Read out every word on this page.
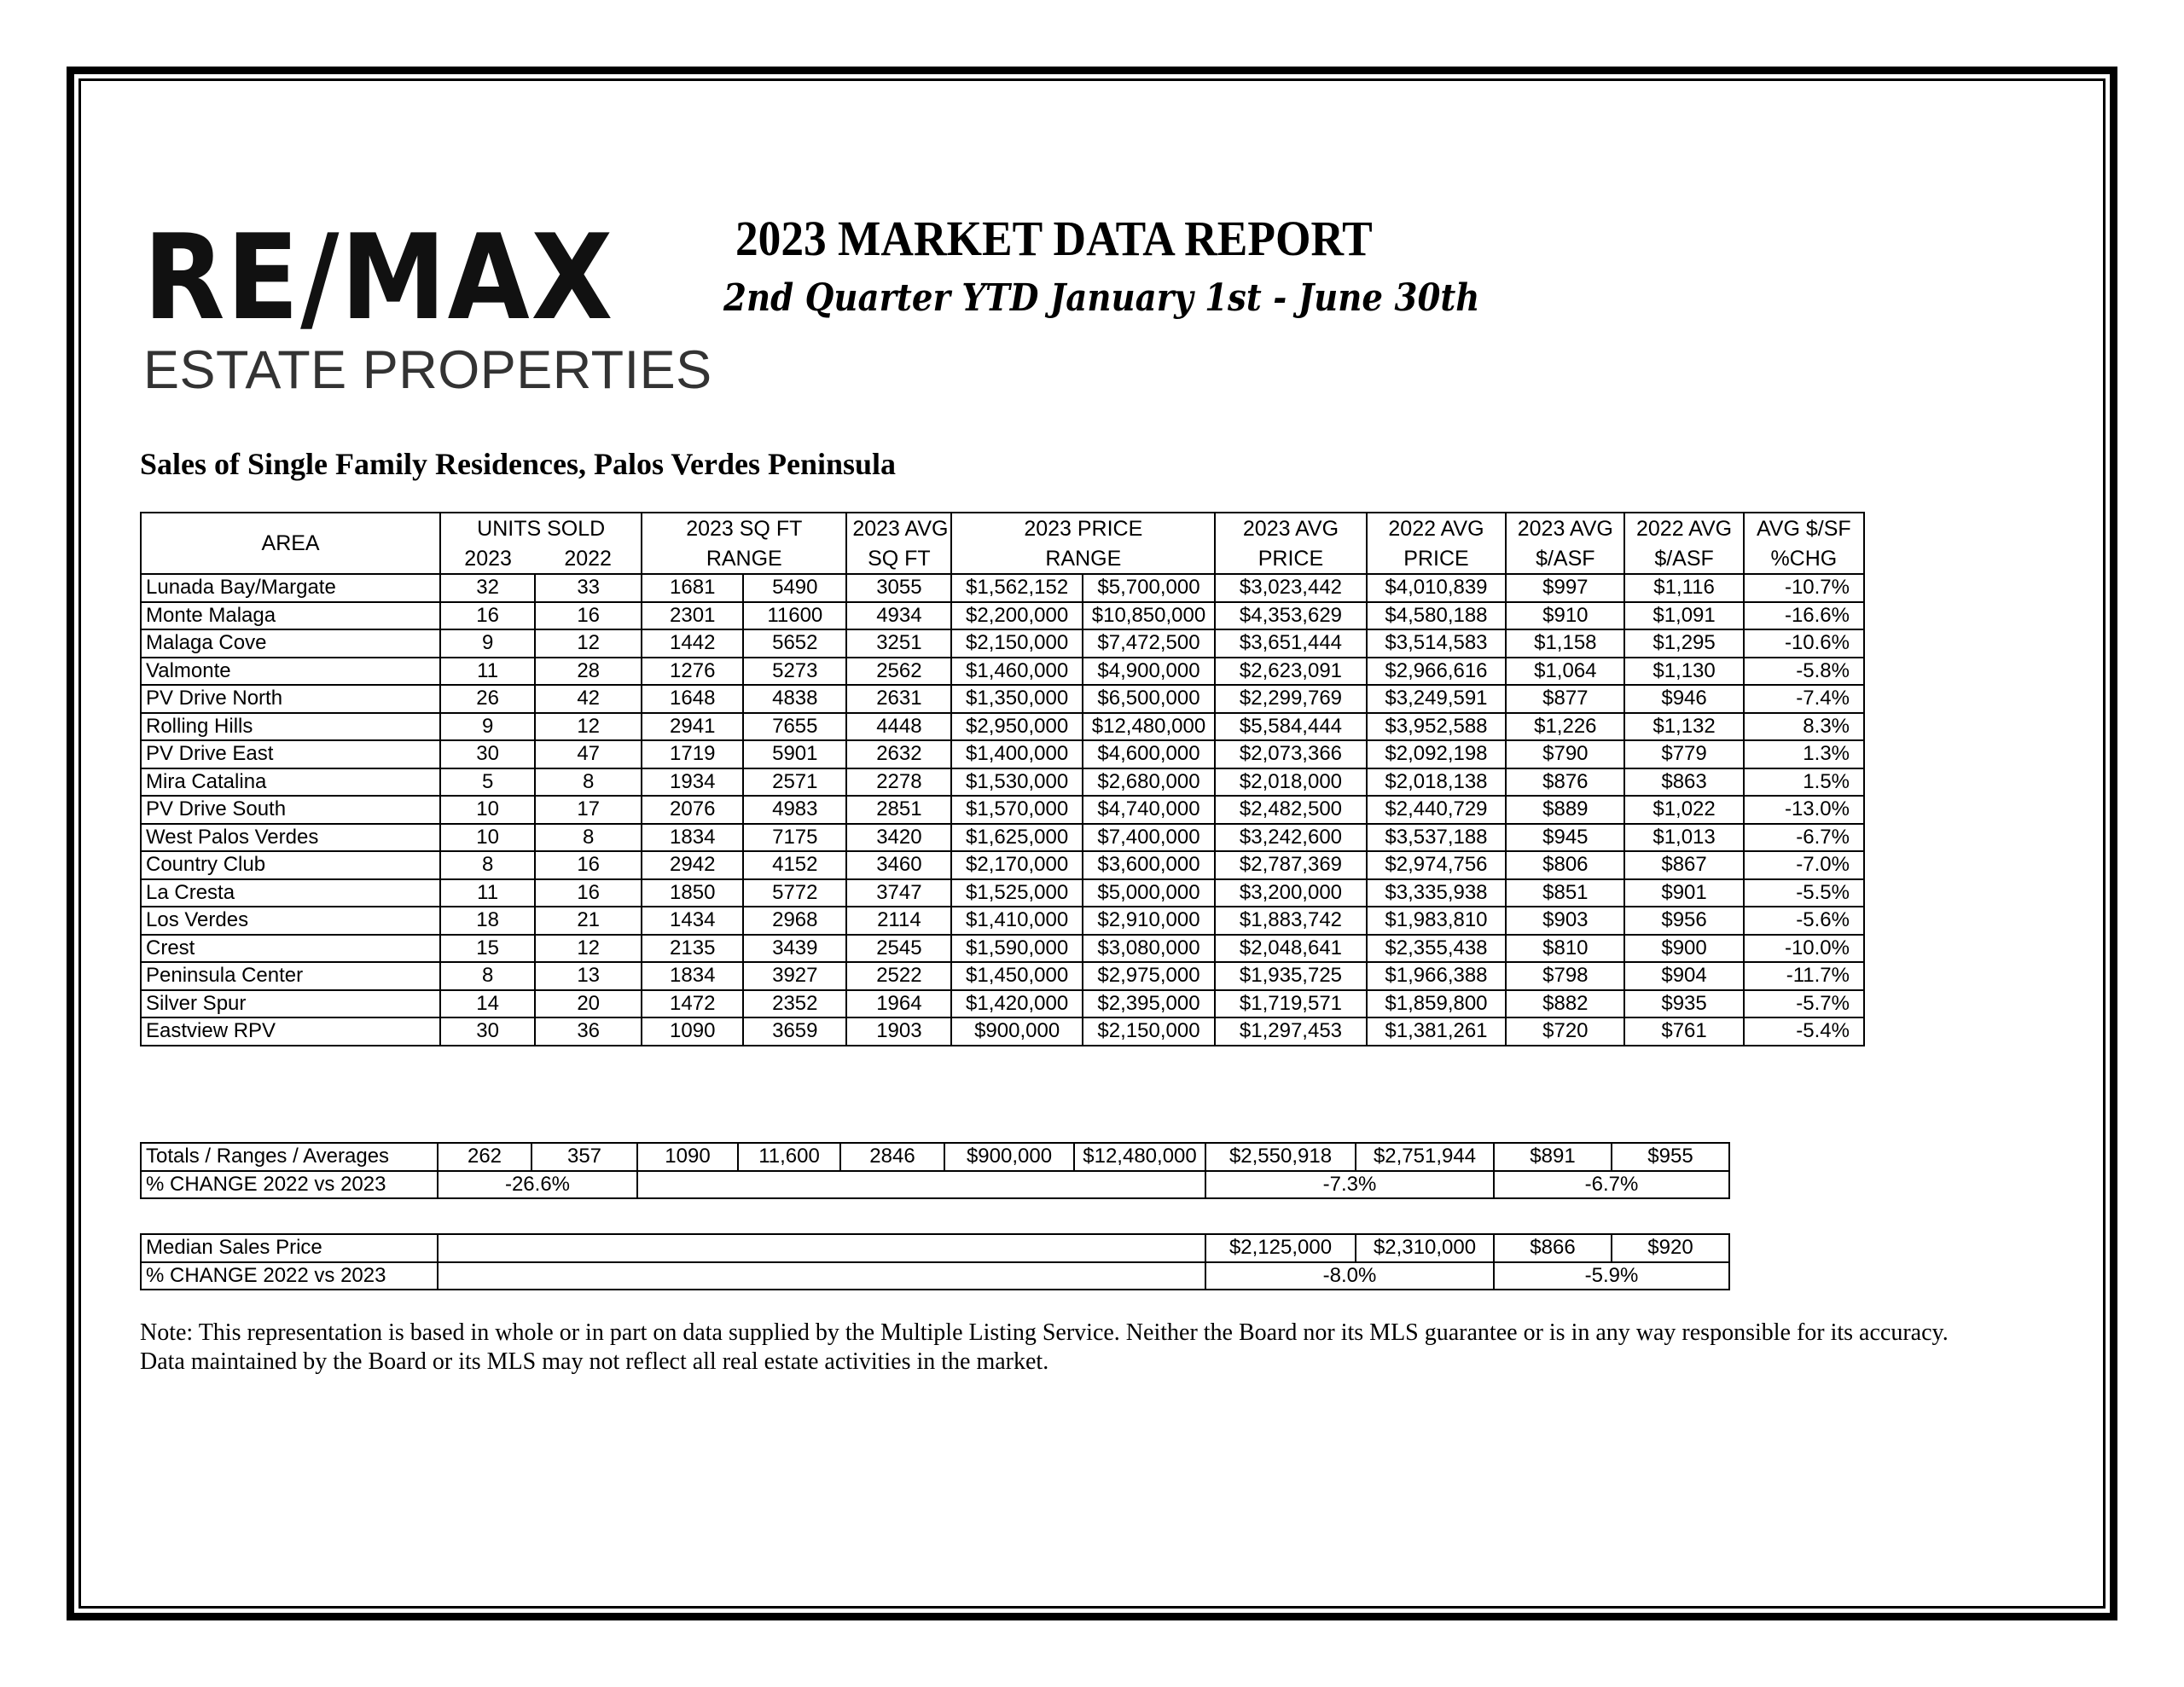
RE/MAX
ESTATE PROPERTIES
2023 MARKET DATA REPORT
2nd Quarter YTD January 1st - June 30th
Sales of Single Family Residences, Palos Verdes Peninsula
AREA	UNITS SOLD		2023 SQ FT		2023 AVG	2023 PRICE		2023 AVG	2022 AVG	2023 AVG	2022 AVG	AVG $/SF
	2023	2022	RANGE		SQ FT	RANGE		PRICE	PRICE	$/ASF	$/ASF	%CHG
Lunada Bay/Margate	32	33	1681	5490	3055	$1,562,152	$5,700,000	$3,023,442	$4,010,839	$997	$1,116	-10.7%
Monte Malaga	16	16	2301	11600	4934	$2,200,000	$10,850,000	$4,353,629	$4,580,188	$910	$1,091	-16.6%
Malaga Cove	9	12	1442	5652	3251	$2,150,000	$7,472,500	$3,651,444	$3,514,583	$1,158	$1,295	-10.6%
Valmonte	11	28	1276	5273	2562	$1,460,000	$4,900,000	$2,623,091	$2,966,616	$1,064	$1,130	-5.8%
PV Drive North	26	42	1648	4838	2631	$1,350,000	$6,500,000	$2,299,769	$3,249,591	$877	$946	-7.4%
Rolling Hills	9	12	2941	7655	4448	$2,950,000	$12,480,000	$5,584,444	$3,952,588	$1,226	$1,132	8.3%
PV Drive East	30	47	1719	5901	2632	$1,400,000	$4,600,000	$2,073,366	$2,092,198	$790	$779	1.3%
Mira Catalina	5	8	1934	2571	2278	$1,530,000	$2,680,000	$2,018,000	$2,018,138	$876	$863	1.5%
PV Drive South	10	17	2076	4983	2851	$1,570,000	$4,740,000	$2,482,500	$2,440,729	$889	$1,022	-13.0%
West Palos Verdes	10	8	1834	7175	3420	$1,625,000	$7,400,000	$3,242,600	$3,537,188	$945	$1,013	-6.7%
Country Club	8	16	2942	4152	3460	$2,170,000	$3,600,000	$2,787,369	$2,974,756	$806	$867	-7.0%
La Cresta	11	16	1850	5772	3747	$1,525,000	$5,000,000	$3,200,000	$3,335,938	$851	$901	-5.5%
Los Verdes	18	21	1434	2968	2114	$1,410,000	$2,910,000	$1,883,742	$1,983,810	$903	$956	-5.6%
Crest	15	12	2135	3439	2545	$1,590,000	$3,080,000	$2,048,641	$2,355,438	$810	$900	-10.0%
Peninsula Center	8	13	1834	3927	2522	$1,450,000	$2,975,000	$1,935,725	$1,966,388	$798	$904	-11.7%
Silver Spur	14	20	1472	2352	1964	$1,420,000	$2,395,000	$1,719,571	$1,859,800	$882	$935	-5.7%
Eastview RPV	30	36	1090	3659	1903	$900,000	$2,150,000	$1,297,453	$1,381,261	$720	$761	-5.4%
Totals / Ranges / Averages	262	357	1090	11,600	2846	$900,000	$12,480,000	$2,550,918	$2,751,944	$891	$955
% CHANGE 2022 vs 2023	-26.6%							-7.3%		-6.7%	
Median Sales Price		$2,125,000	$2,310,000	$866	$920
% CHANGE 2022 vs 2023		-8.0%		-5.9%	
Note: This representation is based in whole or in part on data supplied by the Multiple Listing Service. Neither the Board nor its MLS guarantee or is in any way responsible for its accuracy. Data maintained by the Board or its MLS may not reflect all real estate activities in the market.
